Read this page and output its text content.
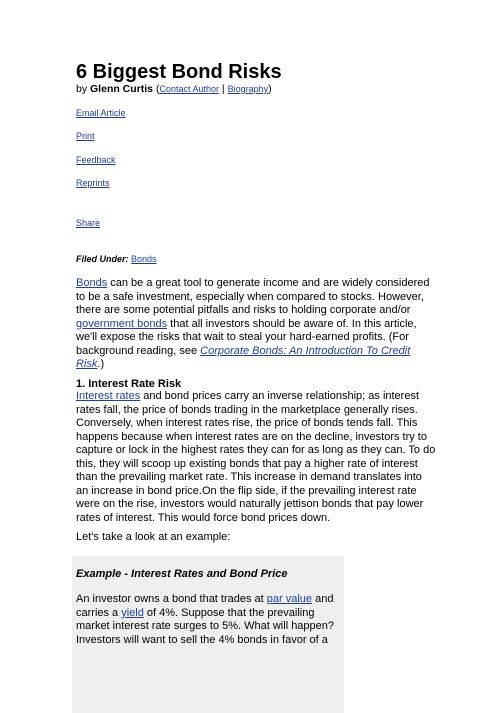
6 Biggest Bond Risks
by Glenn Curtis (Contact Author | Biography)
Email Article
Print
Feedback
Reprints
Share
Filed Under: Bonds

Bonds can be a great tool to generate income and are widely considered to be a safe investment, especially when compared to stocks. However, there are some potential pitfalls and risks to holding corporate and/or government bonds that all investors should be aware of. In this article, we'll expose the risks that wait to steal your hard-earned profits. (For background reading, see Corporate Bonds: An Introduction To Credit Risk.)

1. Interest Rate Risk

Interest rates and bond prices carry an inverse relationship; as interest rates fall, the price of bonds trading in the marketplace generally rises. Conversely, when interest rates rise, the price of bonds tends fall. This happens because when interest rates are on the decline, investors try to capture or lock in the highest rates they can for as long as they can. To do this, they will scoop up existing bonds that pay a higher rate of interest than the prevailing market rate. This increase in demand translates into an increase in bond price.On the flip side, if the prevailing interest rate were on the rise, investors would naturally jettison bonds that pay lower rates of interest. This would force bond prices down.

Let's take a look at an example:

Example - Interest Rates and Bond Price

An investor owns a bond that trades at par value and carries a yield of 4%. Suppose that the prevailing market interest rate surges to 5%. What will happen? Investors will want to sell the 4% bonds in favor of a
